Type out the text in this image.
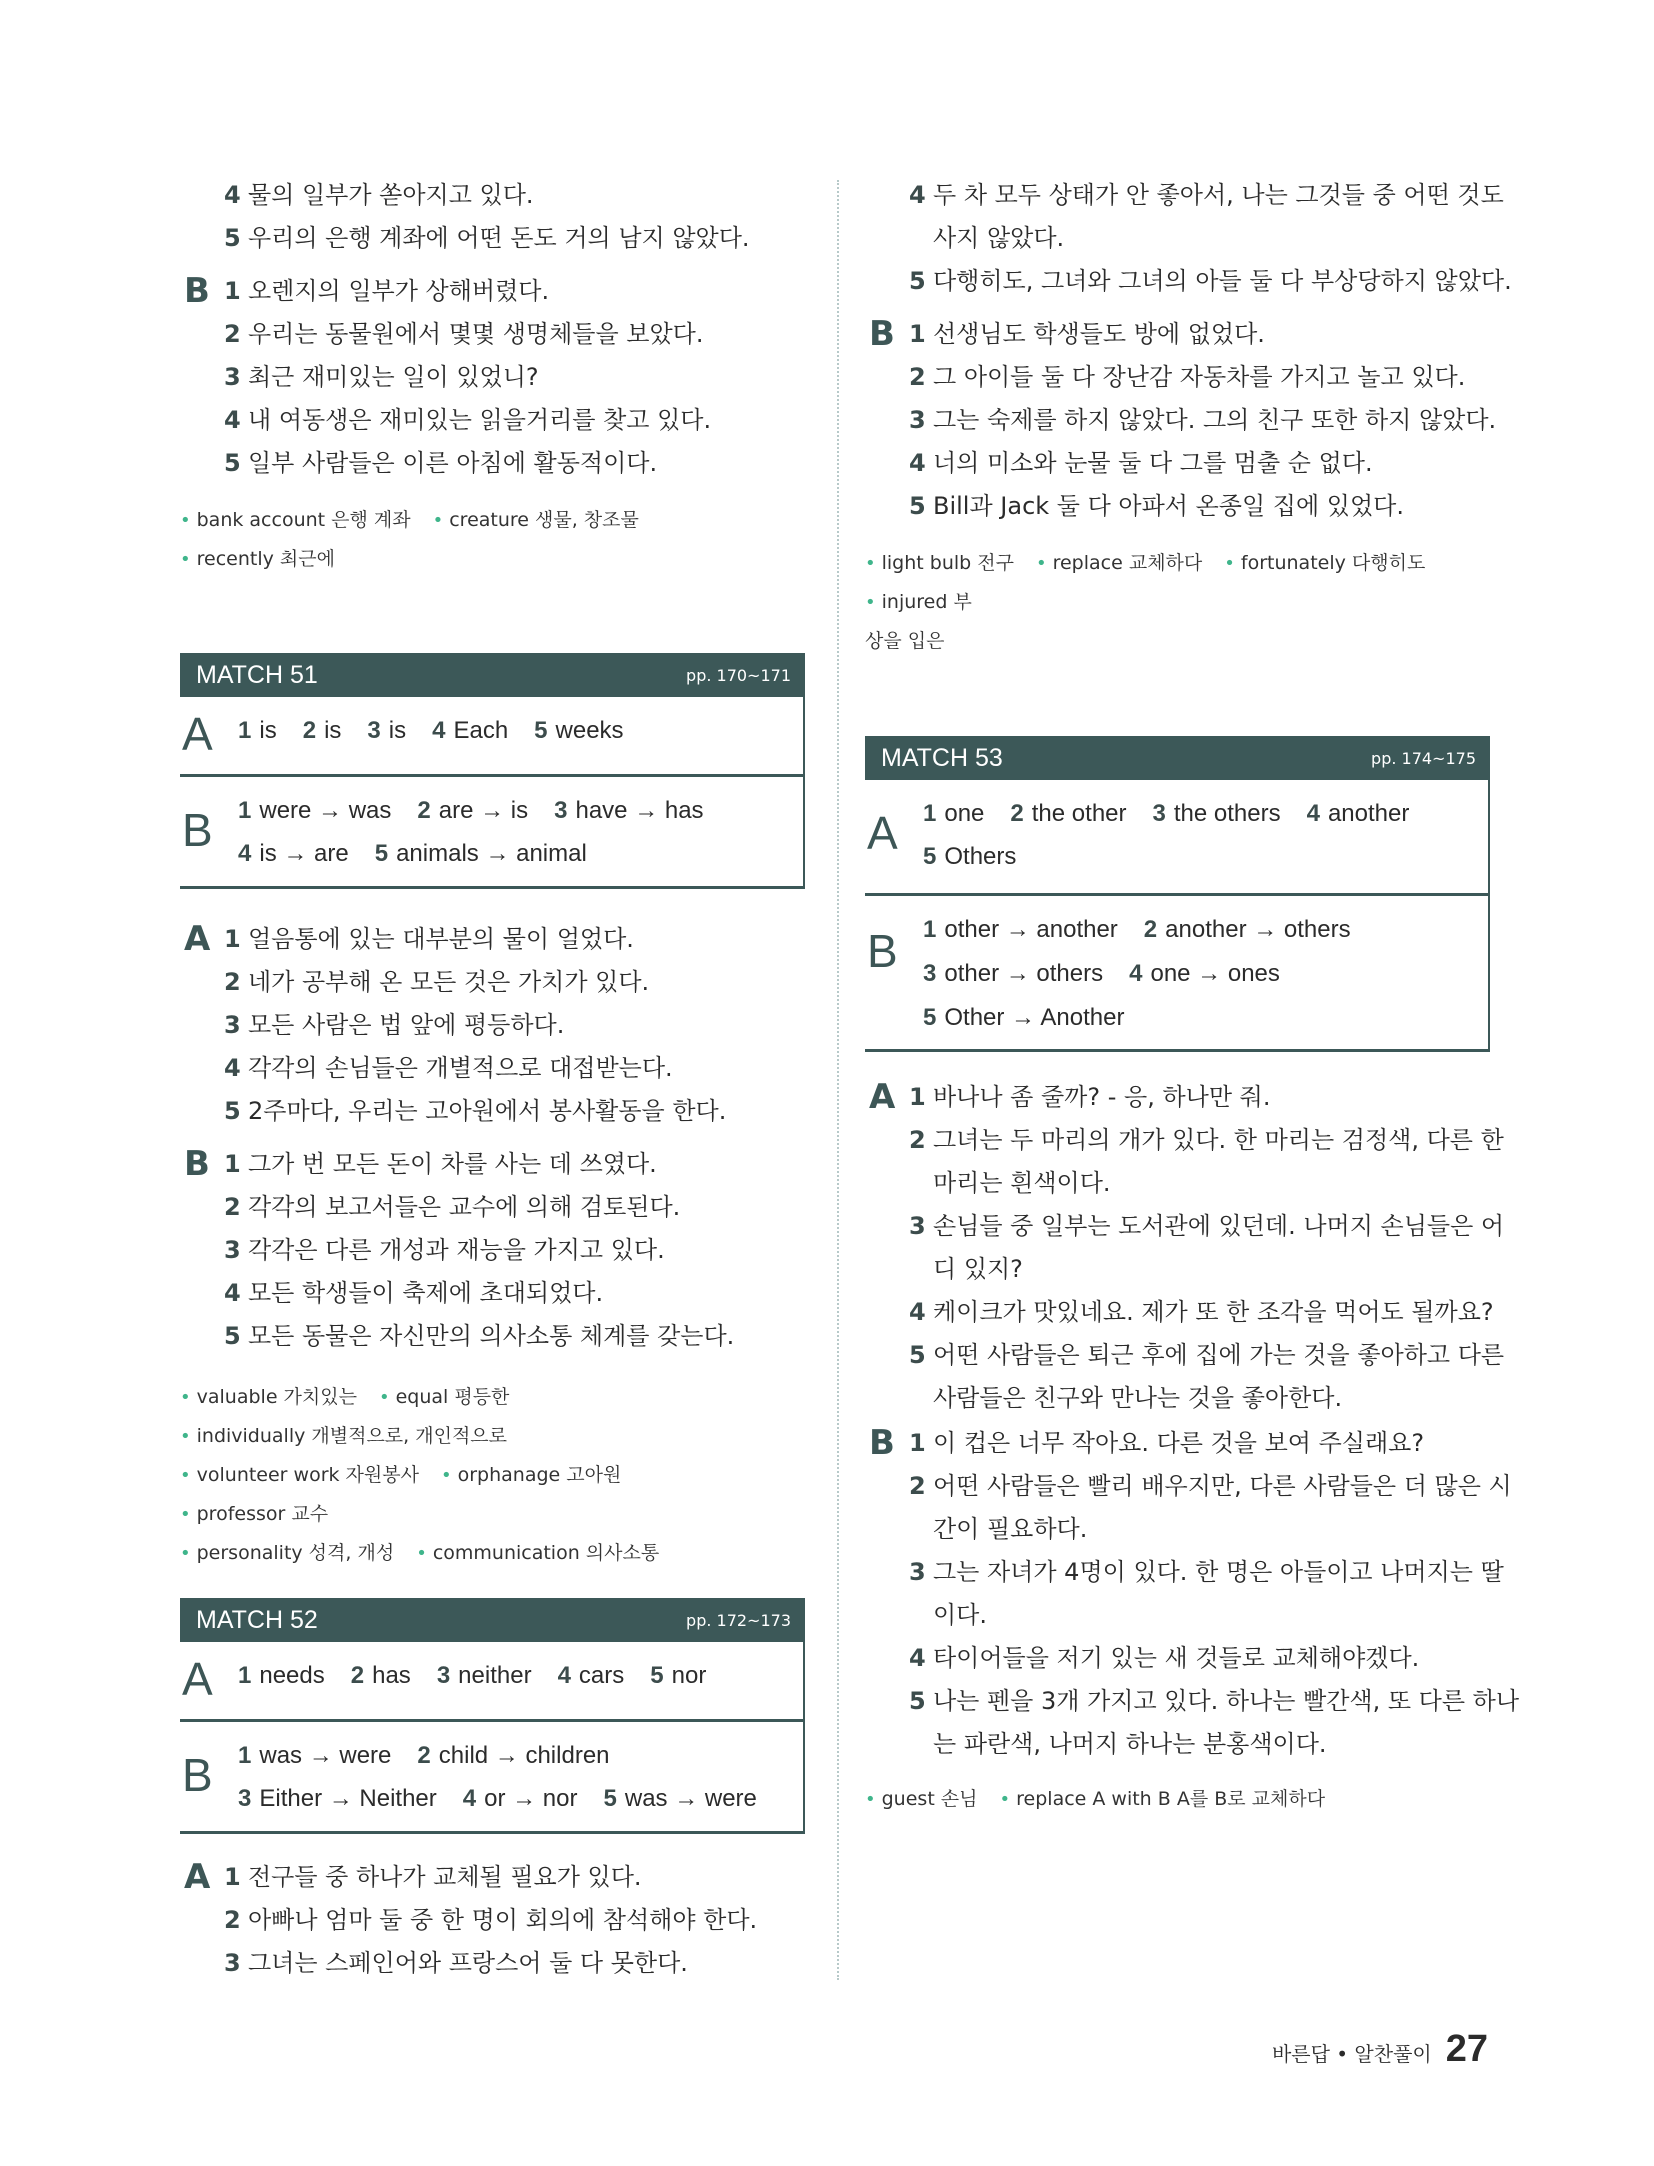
4 물의 일부가 쏟아지고 있다.
5 우리의 은행 계좌에 어떤 돈도 거의 남지 않았다.
B 1 오렌지의 일부가 상해버렸다.
2 우리는 동물원에서 몇몇 생명체들을 보았다.
3 최근 재미있는 일이 있었니?
4 내 여동생은 재미있는 읽을거리를 찾고 있다.
5 일부 사람들은 이른 아침에 활동적이다.
• bank account 은행 계좌 • creature 생물, 창조물• recently 최근에
MATCH 51	pp. 170~171
A 1 is 2 is 3 is 4 Each 5 weeks
B 1 were → was 2 are → is 3 have → has
4 is → are 5 animals → animal
A 1 얼음통에 있는 대부분의 물이 얼었다.
2 네가 공부해 온 모든 것은 가치가 있다.
3 모든 사람은 법 앞에 평등하다.
4 각각의 손님들은 개별적으로 대접받는다.
5 2주마다, 우리는 고아원에서 봉사활동을 한다.
B 1 그가 번 모든 돈이 차를 사는 데 쓰였다.
2 각각의 보고서들은 교수에 의해 검토된다.
3 각각은 다른 개성과 재능을 가지고 있다.
4 모든 학생들이 축제에 초대되었다.
5 모든 동물은 자신만의 의사소통 체계를 갖는다.
• valuable 가치있는 • equal 평등한• individually 개별적으로, 개인적으로
• volunteer work 자원봉사 • orphanage 고아원• professor 교수
• personality 성격, 개성 • communication 의사소통
MATCH 52	pp. 172~173
A 1 needs 2 has 3 neither 4 cars 5 nor
B 1 was → were 2 child → children
3 Either → Neither 4 or → nor 5 was → were
A 1 전구들 중 하나가 교체될 필요가 있다.
2 아빠나 엄마 둘 중 한 명이 회의에 참석해야 한다.
3 그녀는 스페인어와 프랑스어 둘 다 못한다.
4 두 차 모두 상태가 안 좋아서, 나는 그것들 중 어떤 것도
사지 않았다.
5 다행히도, 그녀와 그녀의 아들 둘 다 부상당하지 않았다.
B 1 선생님도 학생들도 방에 없었다.
2 그 아이들 둘 다 장난감 자동차를 가지고 놀고 있다.
3 그는 숙제를 하지 않았다. 그의 친구 또한 하지 않았다.
4 너의 미소와 눈물 둘 다 그를 멈출 순 없다.
5 Bill과 Jack 둘 다 아파서 온종일 집에 있었다.
• light bulb 전구 • replace 교체하다 • fortunately 다행히도• injured 부
상을 입은
MATCH 53	pp. 174~175
A 1 one 2 the other 3 the others 4 another
5 Others
B 1 other → another 2 another → others
3 other → others 4 one → ones
5 Other → Another
A 1 바나나 좀 줄까? - 응, 하나만 줘.
2 그녀는 두 마리의 개가 있다. 한 마리는 검정색, 다른 한
마리는 흰색이다.
3 손님들 중 일부는 도서관에 있던데. 나머지 손님들은 어
디 있지?
4 케이크가 맛있네요. 제가 또 한 조각을 먹어도 될까요?
5 어떤 사람들은 퇴근 후에 집에 가는 것을 좋아하고 다른
사람들은 친구와 만나는 것을 좋아한다.
B 1 이 컵은 너무 작아요. 다른 것을 보여 주실래요?
2 어떤 사람들은 빨리 배우지만, 다른 사람들은 더 많은 시
간이 필요하다.
3 그는 자녀가 4명이 있다. 한 명은 아들이고 나머지는 딸
이다.
4 타이어들을 저기 있는 새 것들로 교체해야겠다.
5 나는 펜을 3개 가지고 있다. 하나는 빨간색, 또 다른 하나
는 파란색, 나머지 하나는 분홍색이다.
• guest 손님 • replace A with B A를 B로 교체하다
바른답 • 알찬풀이 27
